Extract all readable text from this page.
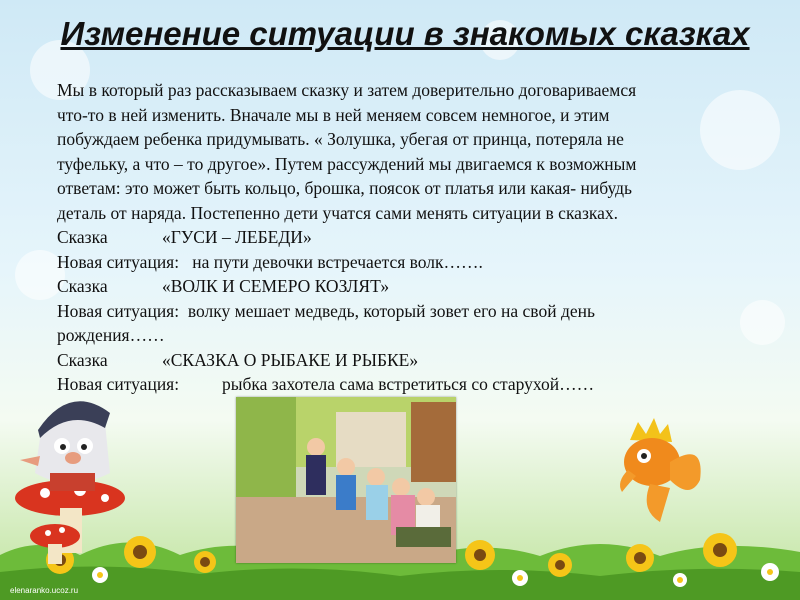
Изменение ситуации в знакомых сказках
Мы в который раз рассказываем сказку и затем доверительно договариваемся
что-то в ней изменить. Вначале мы в ней меняем совсем немногое, и этим
побуждаем ребенка придумывать. « Золушка, убегая от принца, потеряла не
туфельку, а что – то другое». Путем рассуждений мы двигаемся к возможным
ответам: это может быть кольцо, брошка, поясок от платья или какая- нибудь
деталь от наряда. Постепенно дети учатся сами менять ситуации в сказках.
Сказка	«ГУСИ – ЛЕБЕДИ»
Новая ситуация: на пути девочки встречается волк…….
Сказка	«ВОЛК И СЕМЕРО КОЗЛЯТ»
Новая ситуация: волку мешает медведь, который зовет его на свой день
рождения……
Сказка	«СКАЗКА О РЫБАКЕ И РЫБКЕ»
Новая ситуация: рыбка захотела сама встретиться со старухой……
elenaranko.ucoz.ru
